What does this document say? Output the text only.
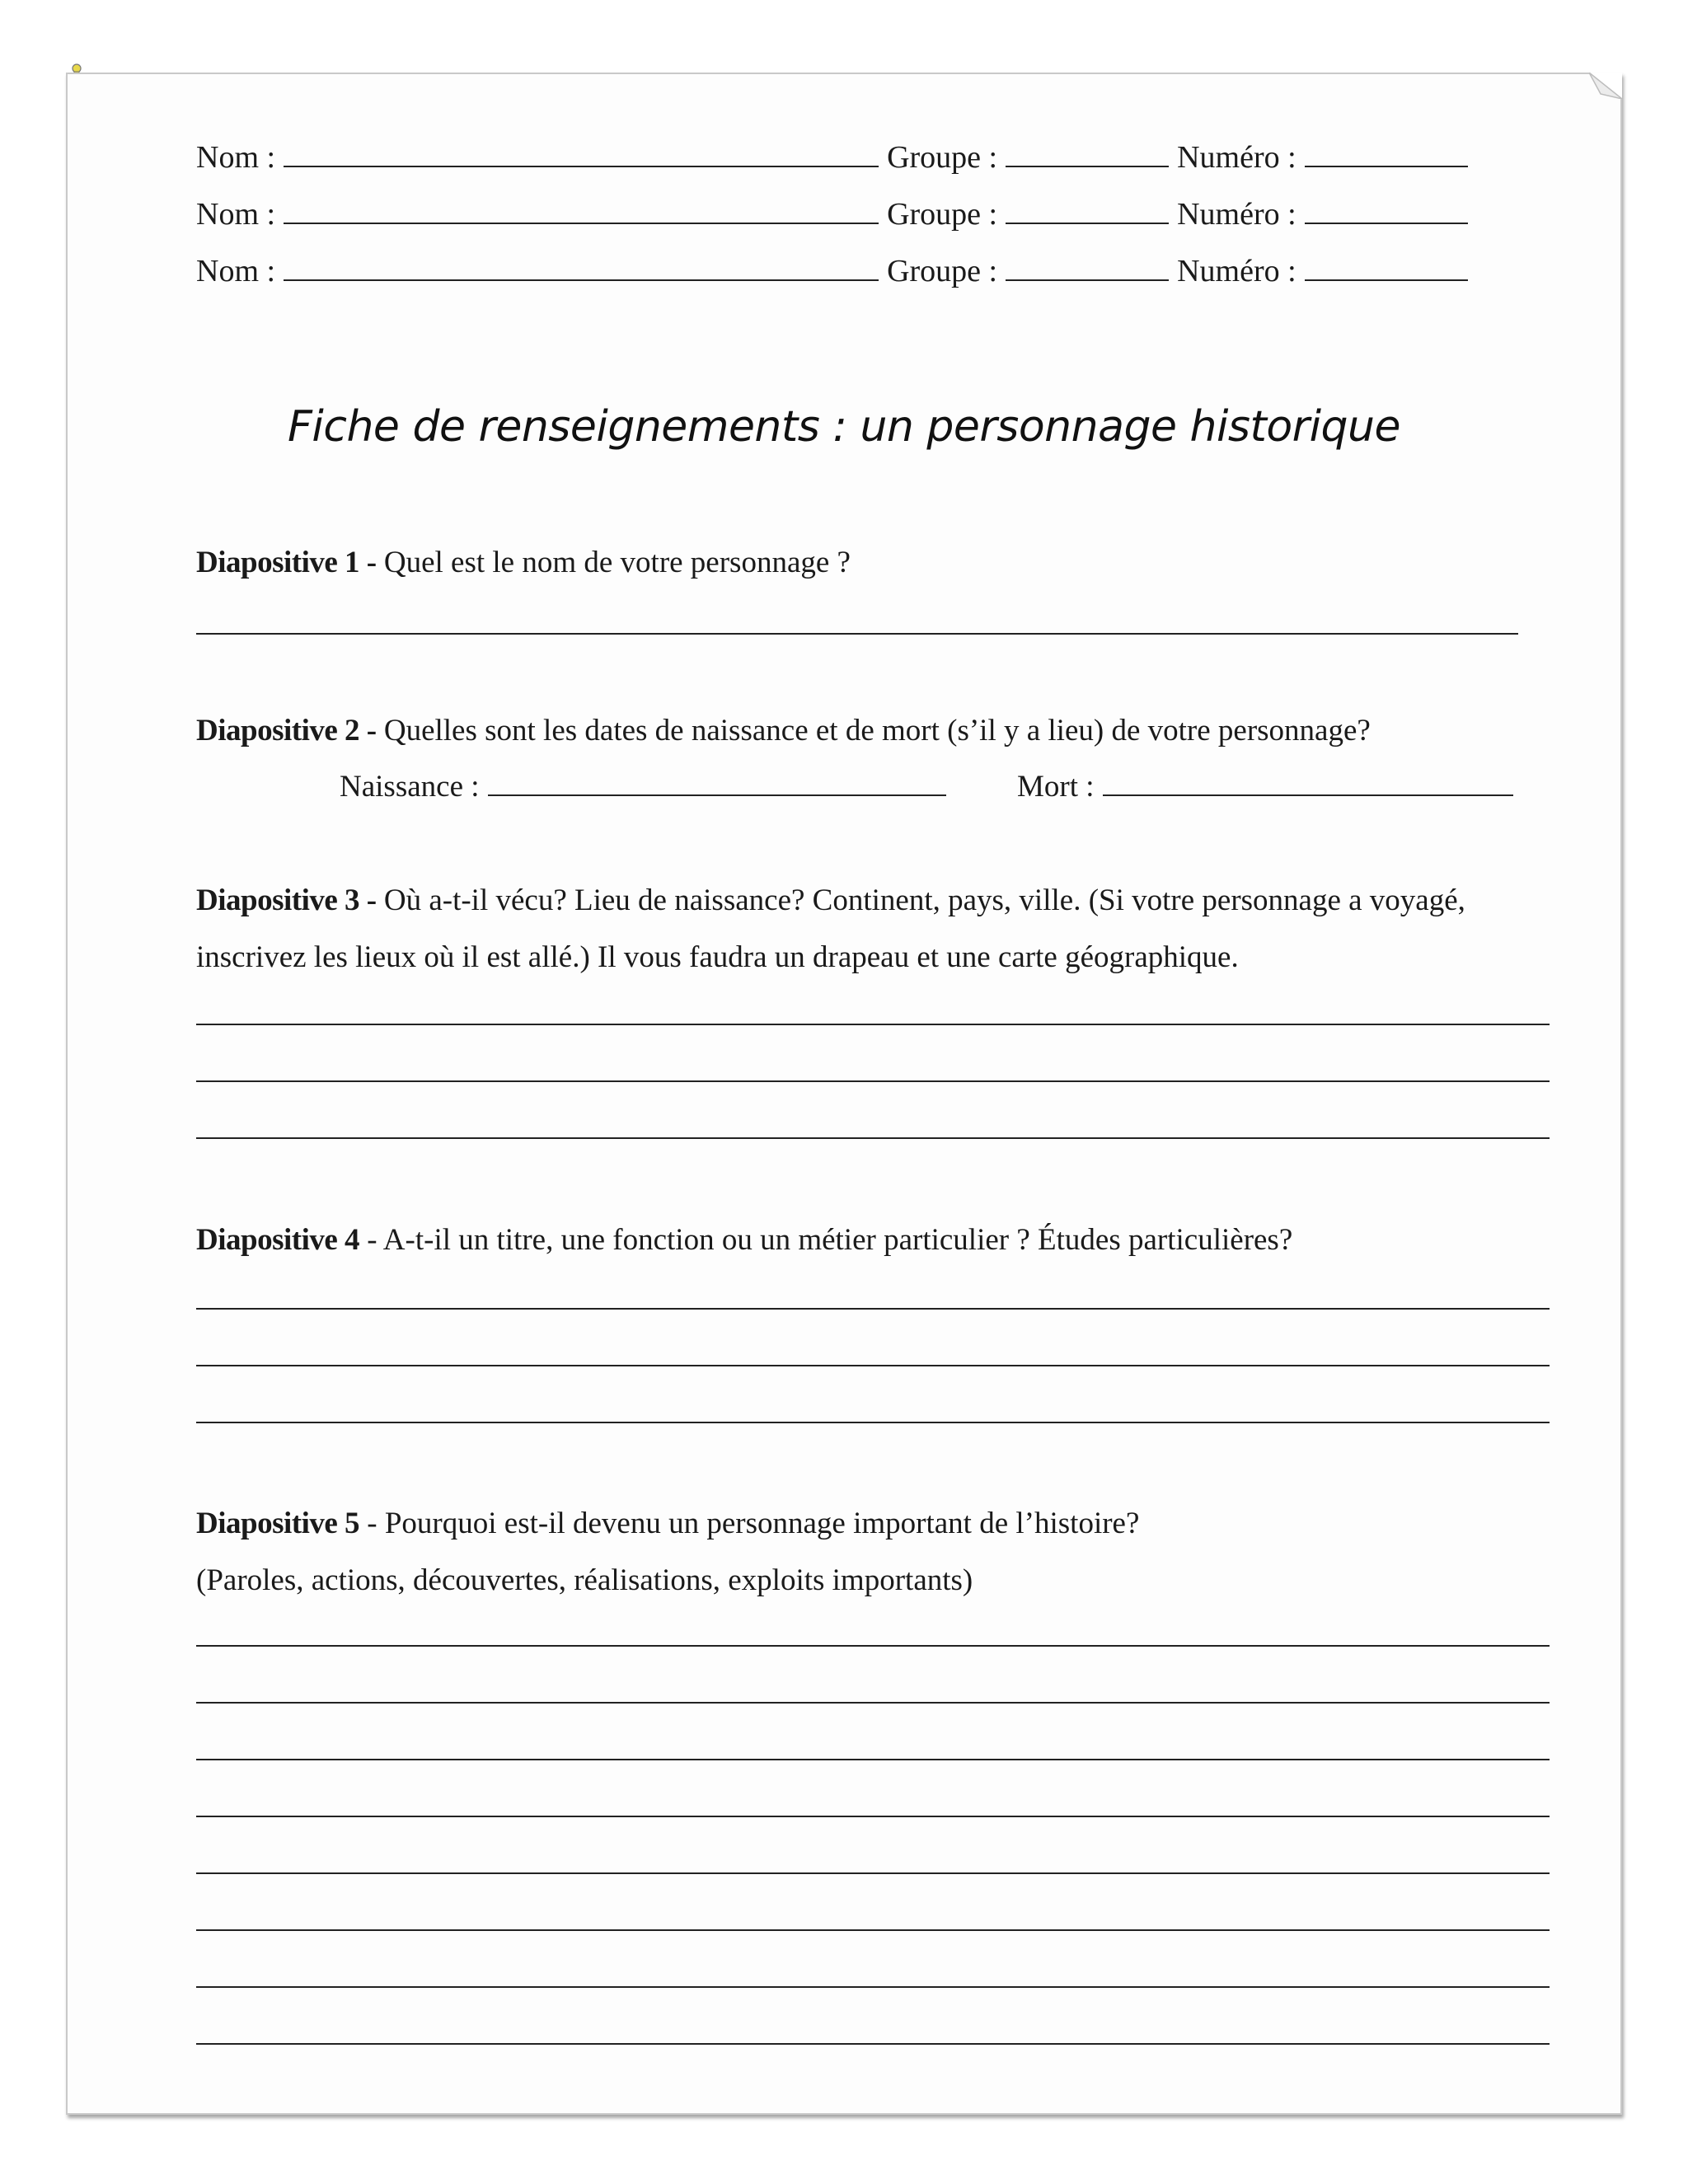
Nom :	Groupe :	Numéro :
Nom :	Groupe :	Numéro :
Nom :	Groupe :	Numéro :
Fiche de renseignements : un personnage historique
Diapositive 1 - Quel est le nom de votre personnage ?
Diapositive 2 - Quelles sont les dates de naissance et de mort (s’il y a lieu) de votre personnage?
Naissance :	Mort :
Diapositive 3 - Où a-t-il vécu? Lieu de naissance? Continent, pays, ville. (Si votre personnage a voyagé,
inscrivez les lieux où il est allé.) Il vous faudra un drapeau et une carte géographique.
Diapositive 4 - A-t-il un titre, une fonction ou un métier particulier ? Études particulières?
Diapositive 5 - Pourquoi est-il devenu un personnage important de l’histoire?
(Paroles, actions, découvertes, réalisations, exploits importants)
